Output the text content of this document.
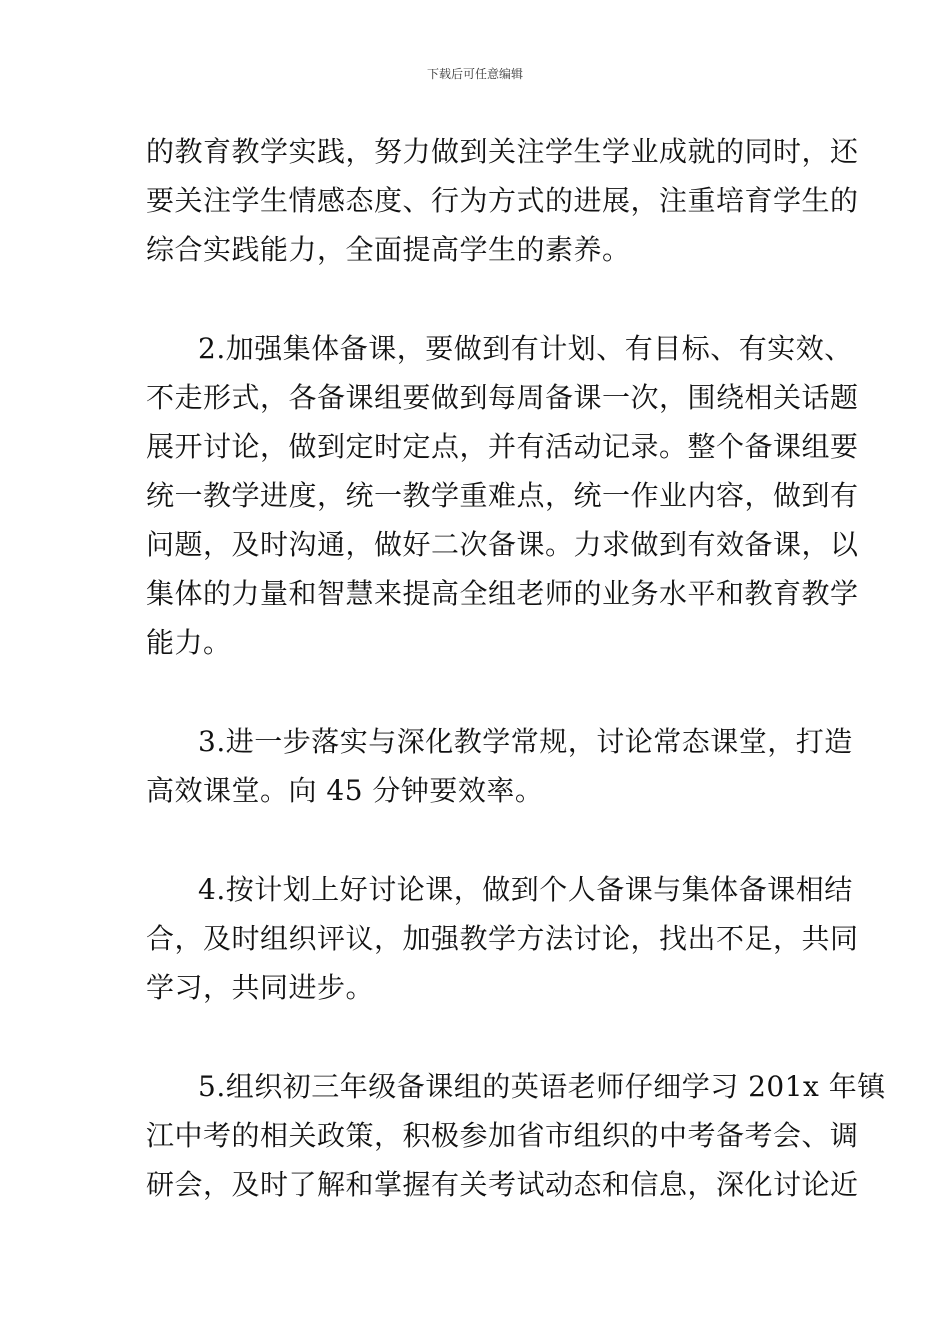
下载后可任意编辑
的教育教学实践，努力做到关注学生学业成就的同时，还
要关注学生情感态度、行为方式的进展，注重培育学生的
综合实践能力，全面提高学生的素养。
2.加强集体备课，要做到有计划、有目标、有实效、
不走形式，各备课组要做到每周备课一次，围绕相关话题
展开讨论，做到定时定点，并有活动记录。整个备课组要
统一教学进度，统一教学重难点，统一作业内容，做到有
问题，及时沟通，做好二次备课。力求做到有效备课，以
集体的力量和智慧来提高全组老师的业务水平和教育教学
能力。
3.进一步落实与深化教学常规，讨论常态课堂，打造
高效课堂。向 45 分钟要效率。
4.按计划上好讨论课，做到个人备课与集体备课相结
合，及时组织评议，加强教学方法讨论，找出不足，共同
学习，共同进步。
5.组织初三年级备课组的英语老师仔细学习 201x 年镇
江中考的相关政策，积极参加省市组织的中考备考会、调
研会，及时了解和掌握有关考试动态和信息，深化讨论近
